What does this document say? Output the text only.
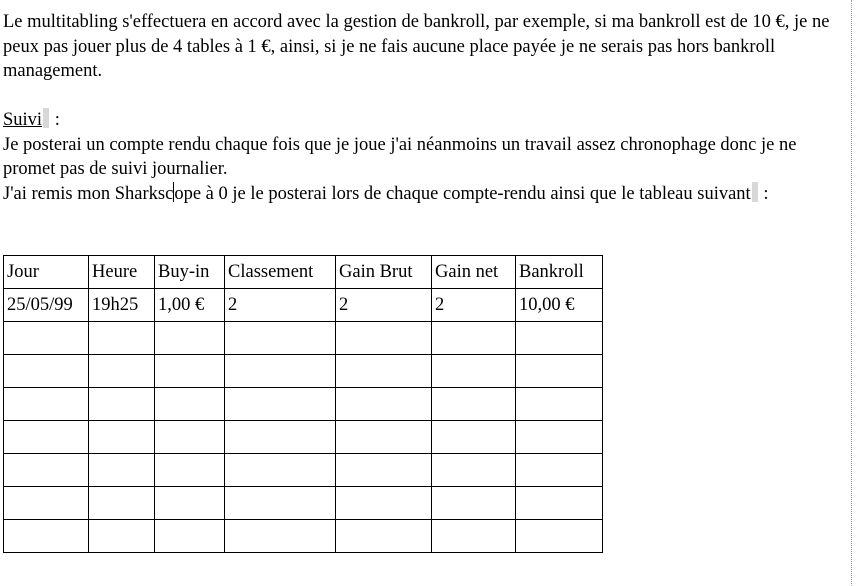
Le multitabling s'effectuera en accord avec la gestion de bankroll, par exemple, si ma bankroll est de 10 €, je ne peux pas jouer plus de 4 tables à 1 €, ainsi, si je ne fais aucune place payée je ne serais pas hors bankroll management.

Suivi :

Je posterai un compte rendu chaque fois que je joue j'ai néanmoins un travail assez chronophage donc je ne promet pas de suivi journalier.

J'ai remis mon Sharkscope à 0 je le posterai lors de chaque compte-rendu ainsi que le tableau suivant :

Jour	Heure	Buy-in	Classement	Gain Brut	Gain net	Bankroll
25/05/99	19h25	1,00 €	2	2	2	10,00 €
